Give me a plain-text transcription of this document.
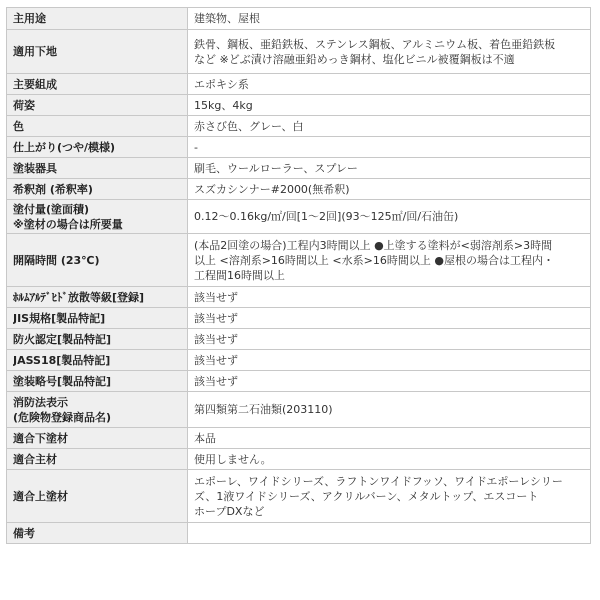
主用途	建築物、屋根

適用下地	鉄骨、鋼板、亜鉛鉄板、ステンレス鋼板、アルミニウム板、着色亜鉛鉄板
など ※どぶ漬け溶融亜鉛めっき鋼材、塩化ビニル被覆鋼板は不適

主要組成	エポキシ系

荷姿	15kg、4kg

色	赤さび色、グレー、白

仕上がり(つや/模様)	-

塗装器具	刷毛、ウールローラー、スプレー

希釈剤 (希釈率)	スズカシンナー#2000(無希釈)

塗付量(塗面積)
※塗材の場合は所要量	0.12〜0.16kg/㎡/回[1〜2回](93〜125㎡/回/石油缶)

開隔時間 (23℃)	(本品2回塗の場合)工程内3時間以上 ●上塗する塗料が<弱溶剤系>3時間
以上 <溶剤系>16時間以上 <水系>16時間以上 ●屋根の場合は工程内・
工程間16時間以上

ﾎﾙﾑｱﾙﾃﾞﾋﾄﾞ放散等級[登録]	該当せず

JIS規格[製品特記]	該当せず

防火認定[製品特記]	該当せず

JASS18[製品特記]	該当せず

塗装略号[製品特記]	該当せず

消防法表示
(危険物登録商品名)	第四類第二石油類(203110)

適合下塗材	本品

適合主材	使用しません。

適合上塗材	エポーレ、ワイドシリーズ、ラフトンワイドフッソ、ワイドエポーレシリー
ズ、1液ワイドシリーズ、アクリルバーン、メタルトップ、エスコート
ホープDXなど

備考	
